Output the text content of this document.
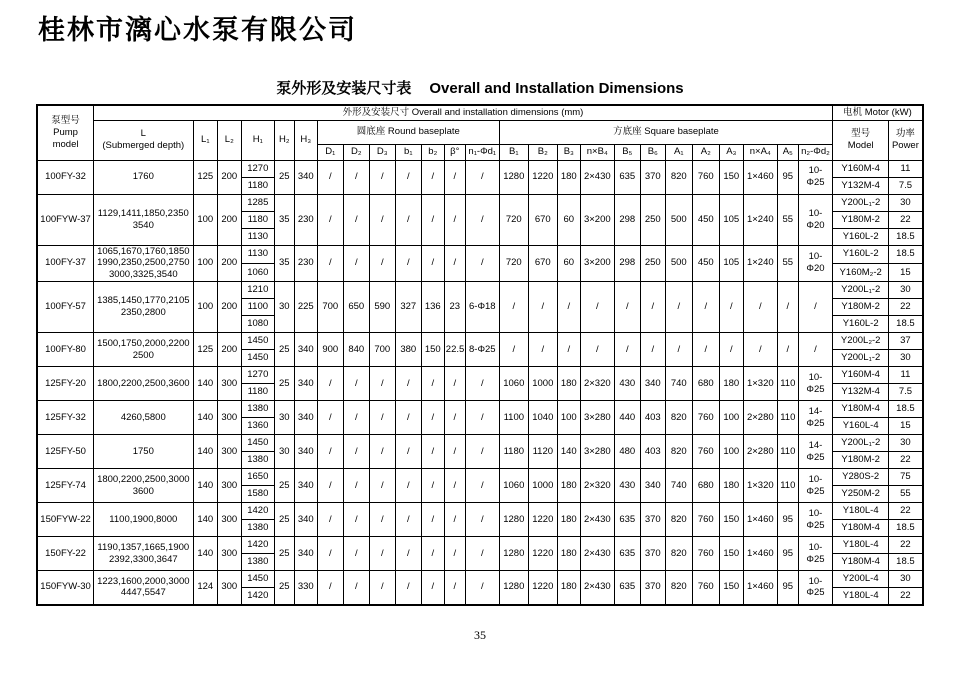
桂林市漓心水泵有限公司
泵外形及安装尺寸表 Overall and Installation Dimensions
泵型号
Pump model	外形及安装尺寸 Overall and installation dimensions (mm)																									电机 Motor (kW)	
	L
(Submerged depth)	L₁	L₂	H₁	H₂	H₃	圆底座 Round baseplate							方底座 Square baseplate												型号
Model	功率
Power
							D₁	D₂	D₃	b₁	b₂	β°	n₁-Φd₁	B₁	B₂	B₃	n×B₄	B₅	B₆	A₁	A₂	A₃	n×A₄	A₅	n₂-Φd₂		
100FY-32	1760	125	200	1270	25	340	/	/	/	/	/	/	/	1280	1220	180	2×430	635	370	820	760	150	1×460	95	10-Φ25	Y160M-4	11
				1180																						Y132M-4	7.5
100FYW-37	1129,1411,1850,2350
3540	100	200	1285	35	230	/	/	/	/	/	/	/	720	670	60	3×200	298	250	500	450	105	1×240	55	10-Φ20	Y200L₁-2	30
				1180																						Y180M-2	22
				1130																						Y160L-2	18.5
100FY-37	1065,1670,1760,1850
1990,2350,2500,2750
3000,3325,3540	100	200	1130	35	230	/	/	/	/	/	/	/	720	670	60	3×200	298	250	500	450	105	1×240	55	10-Φ20	Y160L-2	18.5
				1060																						Y160M₂-2	15
100FY-57	1385,1450,1770,2105
2350,2800	100	200	1210	30	225	700	650	590	327	136	23	6-Φ18	/	/	/	/	/	/	/	/	/	/	/	/	Y200L₁-2	30
				1100																						Y180M-2	22
				1080																						Y160L-2	18.5
100FY-80	1500,1750,2000,2200
2500	125	200	1450	25	340	900	840	700	380	150	22.5	8-Φ25	/	/	/	/	/	/	/	/	/	/	/	/	Y200L₂-2	37
				1450																						Y200L₁-2	30
125FY-20	1800,2200,2500,3600	140	300	1270	25	340	/	/	/	/	/	/	/	1060	1000	180	2×320	430	340	740	680	180	1×320	110	10-Φ25	Y160M-4	11
				1180																						Y132M-4	7.5
125FY-32	4260,5800	140	300	1380	30	340	/	/	/	/	/	/	/	1100	1040	100	3×280	440	403	820	760	100	2×280	110	14-Φ25	Y180M-4	18.5
				1360																						Y160L-4	15
125FY-50	1750	140	300	1450	30	340	/	/	/	/	/	/	/	1180	1120	140	3×280	480	403	820	760	100	2×280	110	14-Φ25	Y200L₁-2	30
				1380																						Y180M-2	22
125FY-74	1800,2200,2500,3000
3600	140	300	1650	25	340	/	/	/	/	/	/	/	1060	1000	180	2×320	430	340	740	680	180	1×320	110	10-Φ25	Y280S-2	75
				1580																						Y250M-2	55
150FYW-22	1100,1900,8000	140	300	1420	25	340	/	/	/	/	/	/	/	1280	1220	180	2×430	635	370	820	760	150	1×460	95	10-Φ25	Y180L-4	22
				1380																						Y180M-4	18.5
150FY-22	1190,1357,1665,1900
2392,3300,3647	140	300	1420	25	340	/	/	/	/	/	/	/	1280	1220	180	2×430	635	370	820	760	150	1×460	95	10-Φ25	Y180L-4	22
				1380																						Y180M-4	18.5
150FYW-30	1223,1600,2000,3000
4447,5547	124	300	1450	25	330	/	/	/	/	/	/	/	1280	1220	180	2×430	635	370	820	760	150	1×460	95	10-Φ25	Y200L-4	30
				1420																						Y180L-4	22
35
